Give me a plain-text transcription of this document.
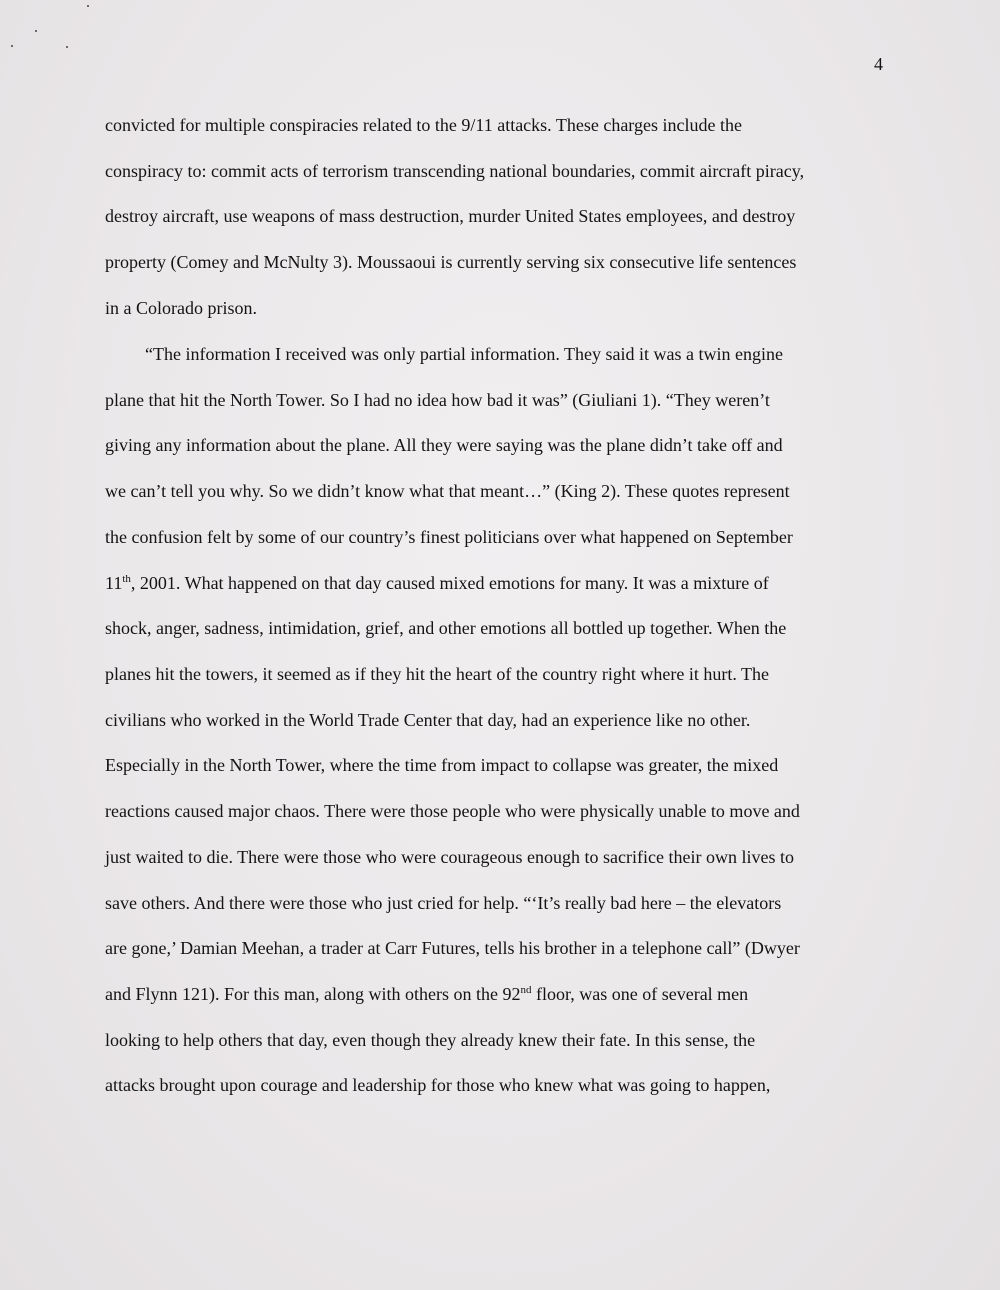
4
convicted for multiple conspiracies related to the 9/11 attacks. These charges include the
conspiracy to: commit acts of terrorism transcending national boundaries, commit aircraft piracy,
destroy aircraft, use weapons of mass destruction, murder United States employees, and destroy
property (Comey and McNulty 3). Moussaoui is currently serving six consecutive life sentences
in a Colorado prison.
“The information I received was only partial information. They said it was a twin engine
plane that hit the North Tower. So I had no idea how bad it was” (Giuliani 1). “They weren’t
giving any information about the plane. All they were saying was the plane didn’t take off and
we can’t tell you why. So we didn’t know what that meant…” (King 2). These quotes represent
the confusion felt by some of our country’s finest politicians over what happened on September
11th, 2001. What happened on that day caused mixed emotions for many. It was a mixture of
shock, anger, sadness, intimidation, grief, and other emotions all bottled up together. When the
planes hit the towers, it seemed as if they hit the heart of the country right where it hurt. The
civilians who worked in the World Trade Center that day, had an experience like no other.
Especially in the North Tower, where the time from impact to collapse was greater, the mixed
reactions caused major chaos. There were those people who were physically unable to move and
just waited to die. There were those who were courageous enough to sacrifice their own lives to
save others. And there were those who just cried for help. “‘It’s really bad here – the elevators
are gone,’ Damian Meehan, a trader at Carr Futures, tells his brother in a telephone call” (Dwyer
and Flynn 121). For this man, along with others on the 92nd floor, was one of several men
looking to help others that day, even though they already knew their fate. In this sense, the
attacks brought upon courage and leadership for those who knew what was going to happen,
